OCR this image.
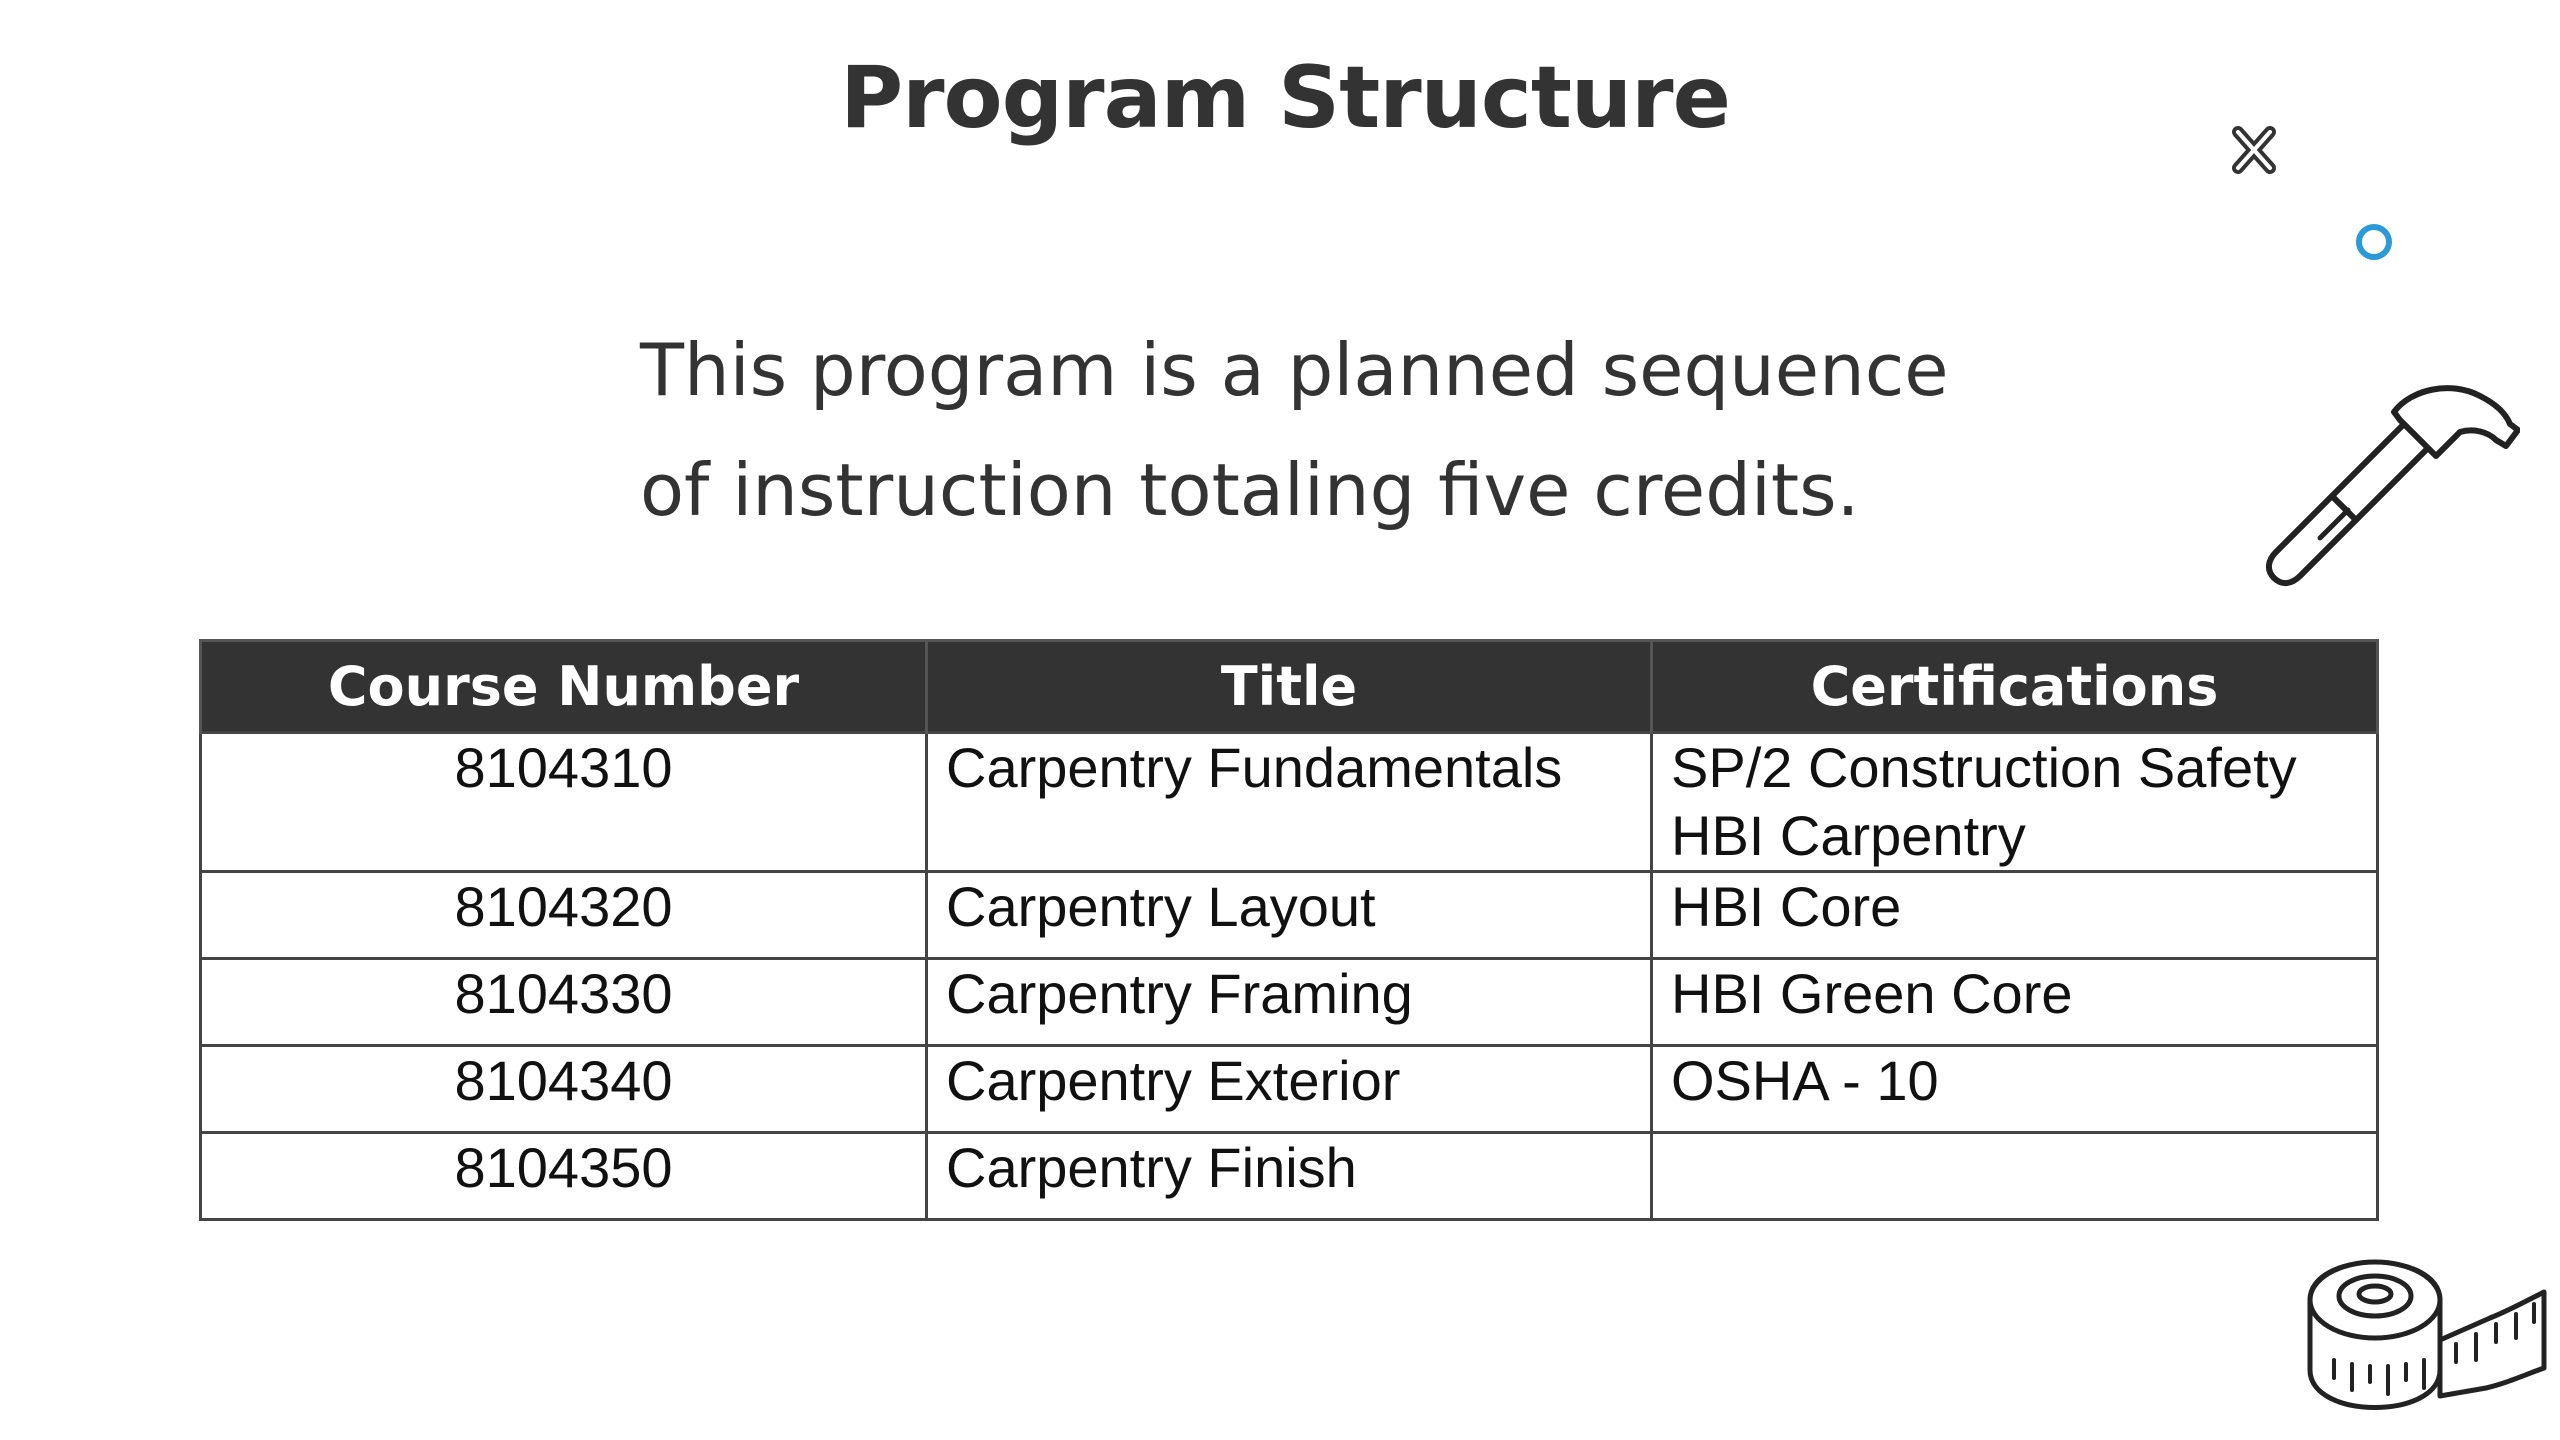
Program Structure
This program is a planned sequence
of instruction totaling five credits.
Course Number	Title	Certifications
8104310	Carpentry Fundamentals	SP/2 Construction Safety
HBI Carpentry

8104320	Carpentry Layout	HBI Core

8104330	Carpentry Framing	HBI Green Core

8104340	Carpentry Exterior	OSHA - 10

8104350	Carpentry Finish	
